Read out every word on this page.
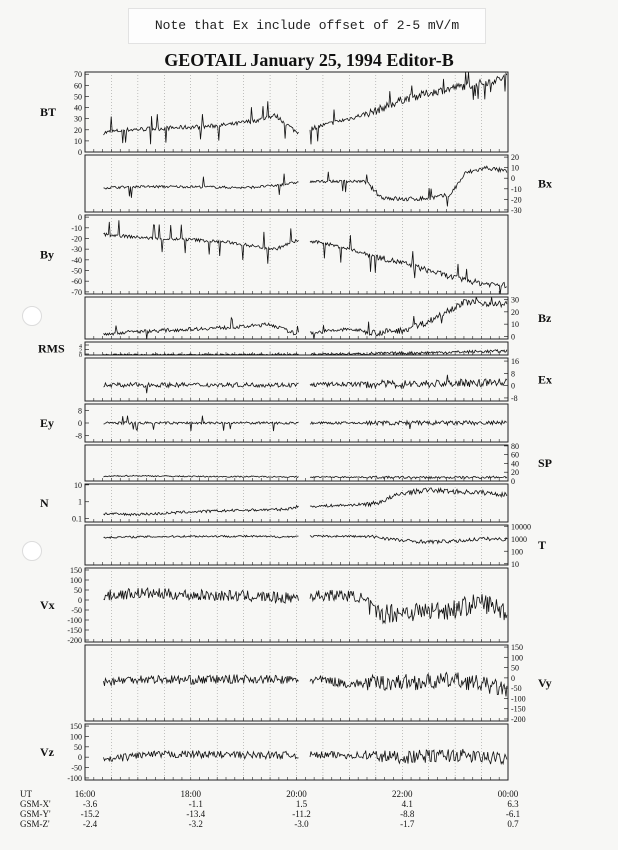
Note that Ex include offset of 2-5 mV/m
GEOTAIL January 25, 1994 Editor-B
70
60
50
40
30
20
10
0
BT
20
10
0
-10
-20
-30
Bx
0
-10
-20
-30
-40
-50
-60
-70
By
30
20
10
0
Bz
4
2
0
RMS
16
8
0
-8
Ex
8
0
-8
Ey
80
60
40
20
0
SP
10
1
0.1
N
10000
1000
100
10
T
150
100
50
0
-50
-100
-150
-200
Vx
150
100
50
0
-50
-100
-150
-200
Vy
150
100
50
0
-50
-100
Vz
UT
GSM-X'
GSM-Y'
GSM-Z'
16:00
-3.6
-15.2
-2.4
18:00
-1.1
-13.4
-3.2
20:00
1.5
-11.2
-3.0
22:00
4.1
-8.8
-1.7
00:00
6.3
-6.1
0.7
